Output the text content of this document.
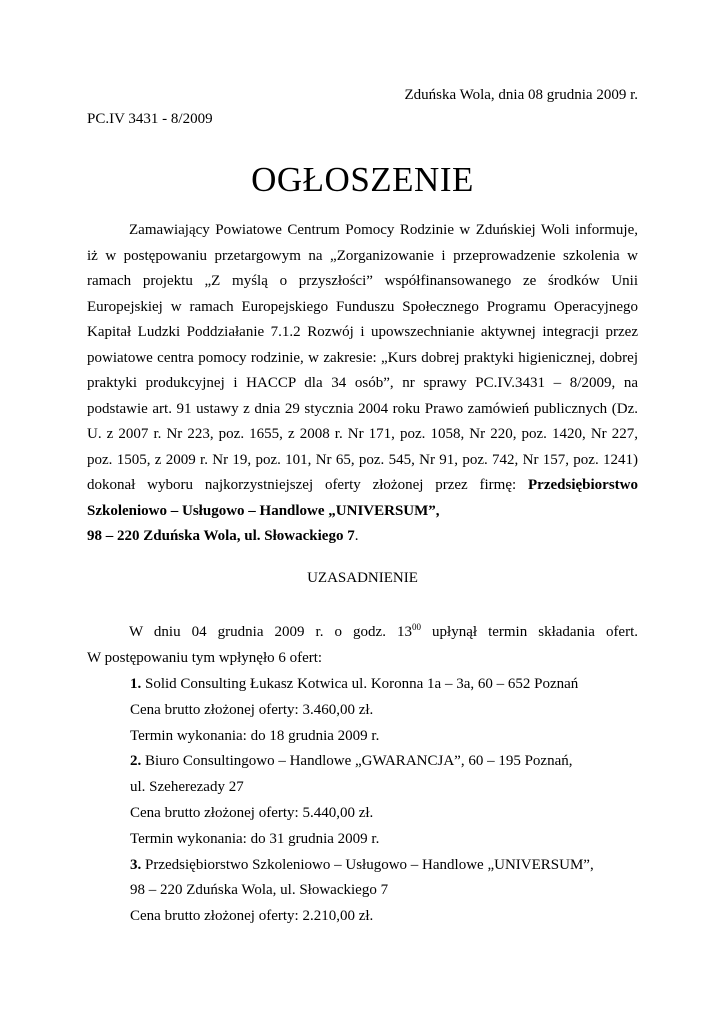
Zduńska Wola, dnia 08 grudnia 2009 r.
PC.IV 3431 - 8/2009
OGŁOSZENIE

Zamawiający Powiatowe Centrum Pomocy Rodzinie w Zduńskiej Woli informuje, iż w postępowaniu przetargowym na „Zorganizowanie i przeprowadzenie szkolenia w ramach projektu „Z myślą o przyszłości” współfinansowanego ze środków Unii Europejskiej w ramach Europejskiego Funduszu Społecznego Programu Operacyjnego Kapitał Ludzki Poddziałanie 7.1.2 Rozwój i upowszechnianie aktywnej integracji przez powiatowe centra pomocy rodzinie, w zakresie: „Kurs dobrej praktyki higienicznej, dobrej praktyki produkcyjnej i HACCP dla 34 osób”, nr sprawy PC.IV.3431 – 8/2009, na podstawie art. 91 ustawy z dnia 29 stycznia 2004 roku Prawo zamówień publicznych (Dz. U. z 2007 r. Nr 223, poz. 1655, z 2008 r. Nr 171, poz. 1058, Nr 220, poz. 1420, Nr 227, poz. 1505, z 2009 r. Nr 19, poz. 101, Nr 65, poz. 545, Nr 91, poz. 742, Nr 157, poz. 1241) dokonał wyboru najkorzystniejszej oferty złożonej przez firmę: Przedsiębiorstwo Szkoleniowo – Usługowo – Handlowe „UNIVERSUM”,
98 – 220 Zduńska Wola, ul. Słowackiego 7.

UZASADNIENIE

W dniu 04 grudnia 2009 r. o godz. $13^{00}$ upłynął termin składania ofert.

W postępowaniu tym wpłynęło 6 ofert:

1. Solid Consulting Łukasz Kotwica ul. Koronna 1a – 3a, 60 – 652 Poznań
Cena brutto złożonej oferty: 3.460,00 zł.
Termin wykonania: do 18 grudnia 2009 r.
2. Biuro Consultingowo – Handlowe „GWARANCJA”, 60 – 195 Poznań,
ul. Szeherezady 27
Cena brutto złożonej oferty: 5.440,00 zł.
Termin wykonania: do 31 grudnia 2009 r.
3. Przedsiębiorstwo Szkoleniowo – Usługowo – Handlowe „UNIVERSUM”,
98 – 220 Zduńska Wola, ul. Słowackiego 7
Cena brutto złożonej oferty: 2.210,00 zł.
